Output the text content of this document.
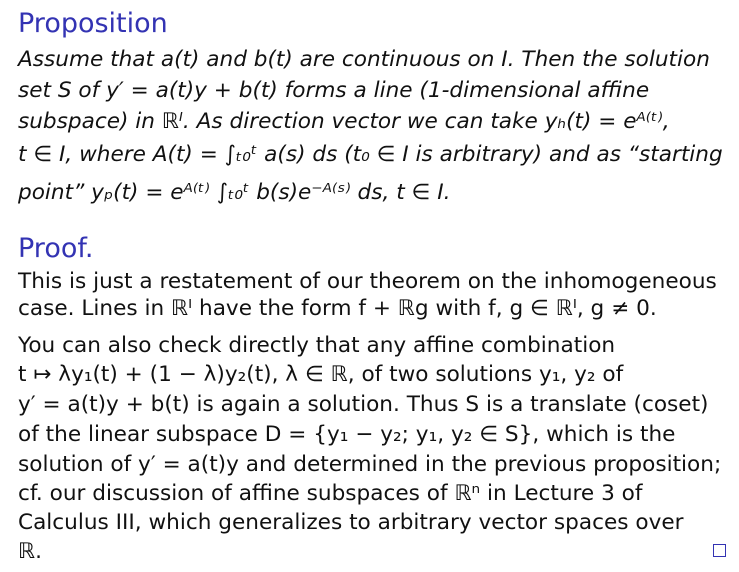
Proposition
Assume that a(t) and b(t) are continuous on I. Then the solution
set S of y′ = a(t)y + b(t) forms a line (1-dimensional affine
subspace) in ℝᴵ. As direction vector we can take yₕ(t) = eᴬ⁽ᵗ⁾,
t ∈ I, where A(t) = ∫ₜ₀ᵗ a(s) ds (t₀ ∈ I is arbitrary) and as “starting
point” yₚ(t) = eᴬ⁽ᵗ⁾ ∫ₜ₀ᵗ b(s)e⁻ᴬ⁽ˢ⁾ ds, t ∈ I.
Proof.
This is just a restatement of our theorem on the inhomogeneous
case. Lines in ℝᴵ have the form f + ℝg with f, g ∈ ℝᴵ, g ≠ 0.
You can also check directly that any affine combination
t ↦ λy₁(t) + (1 − λ)y₂(t), λ ∈ ℝ, of two solutions y₁, y₂ of
y′ = a(t)y + b(t) is again a solution. Thus S is a translate (coset)
of the linear subspace D = {y₁ − y₂; y₁, y₂ ∈ S}, which is the
solution of y′ = a(t)y and determined in the previous proposition;
cf. our discussion of affine subspaces of ℝⁿ in Lecture 3 of
Calculus III, which generalizes to arbitrary vector spaces over
ℝ.
